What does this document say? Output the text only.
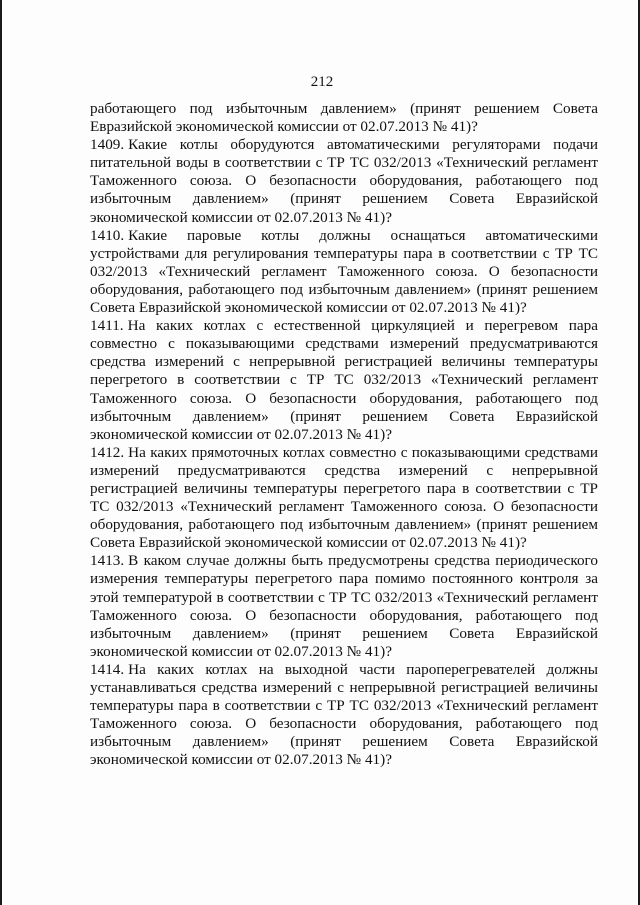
212

работающего под избыточным давлением» (принят решением Совета Евразийской экономической комиссии от 02.07.2013 № 41)?

1409. Какие котлы оборудуются автоматическими регуляторами подачи питательной воды в соответствии с ТР ТС 032/2013 «Технический регламент Таможенного союза. О безопасности оборудования, работающего под избыточным давлением» (принят решением Совета Евразийской экономической комиссии от 02.07.2013 № 41)?

1410. Какие паровые котлы должны оснащаться автоматическими устройствами для регулирования температуры пара в соответствии с ТР ТС 032/2013 «Технический регламент Таможенного союза. О безопасности оборудования, работающего под избыточным давлением» (принят решением Совета Евразийской экономической комиссии от 02.07.2013 № 41)?

1411. На каких котлах с естественной циркуляцией и перегревом пара совместно с показывающими средствами измерений предусматриваются средства измерений с непрерывной регистрацией величины температуры перегретого в соответствии с ТР ТС 032/2013 «Технический регламент Таможенного союза. О безопасности оборудования, работающего под избыточным давлением» (принят решением Совета Евразийской экономической комиссии от 02.07.2013 № 41)?

1412. На каких прямоточных котлах совместно с показывающими средствами измерений предусматриваются средства измерений с непрерывной регистрацией величины температуры перегретого пара в соответствии с ТР ТС 032/2013 «Технический регламент Таможенного союза. О безопасности оборудования, работающего под избыточным давлением» (принят решением Совета Евразийской экономической комиссии от 02.07.2013 № 41)?

1413. В каком случае должны быть предусмотрены средства периодического измерения температуры перегретого пара помимо постоянного контроля за этой температурой в соответствии с ТР ТС 032/2013 «Технический регламент Таможенного союза. О безопасности оборудования, работающего под избыточным давлением» (принят решением Совета Евразийской экономической комиссии от 02.07.2013 № 41)?

1414. На каких котлах на выходной части пароперегревателей должны устанавливаться средства измерений с непрерывной регистрацией величины температуры пара в соответствии с ТР ТС 032/2013 «Технический регламент Таможенного союза. О безопасности оборудования, работающего под избыточным давлением» (принят решением Совета Евразийской экономической комиссии от 02.07.2013 № 41)?
